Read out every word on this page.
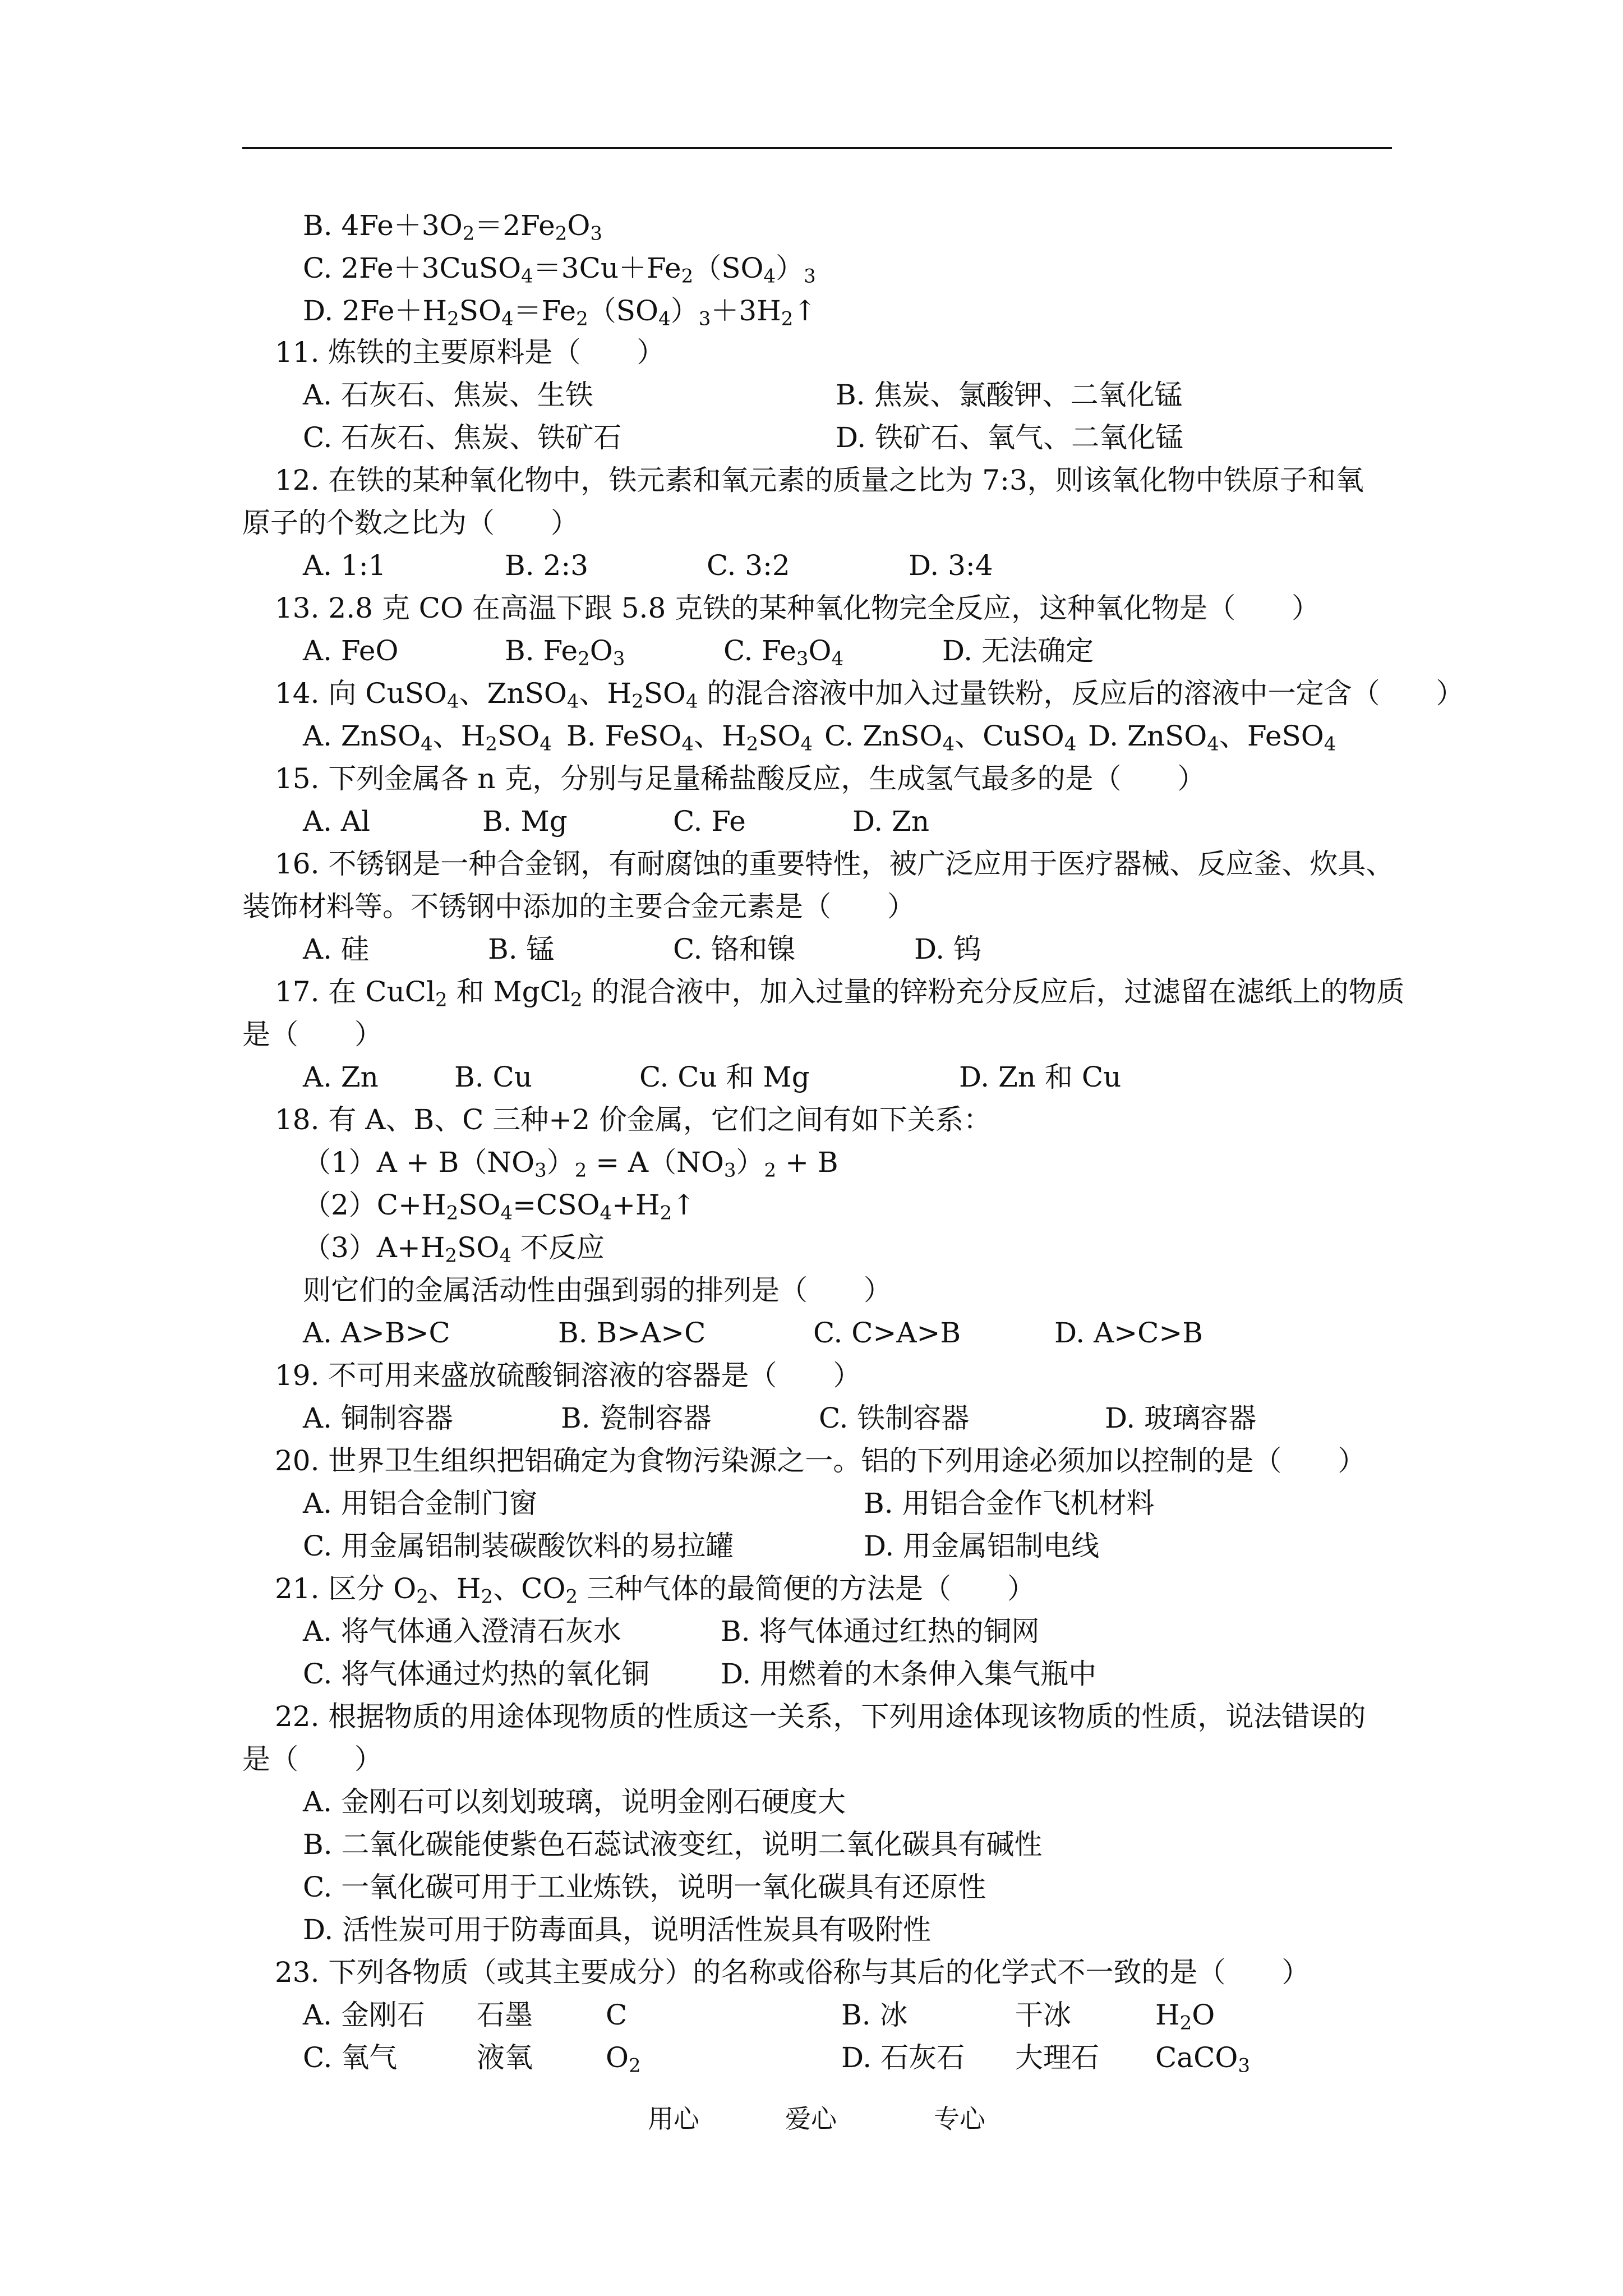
B. $4Fe+3O_2=2Fe_2O_3$
C. $2Fe+3CuSO_4=3Cu+Fe_2(SO_4)_3$
D. $2Fe+H_2SO_4=Fe_2(SO_4)_3+3H_2↑$
11. 炼铁的主要原料是（　　）
A. 石灰石、焦炭、生铁	B. 焦炭、氯酸钾、二氧化锰
C. 石灰石、焦炭、铁矿石	D. 铁矿石、氧气、二氧化锰
12. 在铁的某种氧化物中，铁元素和氧元素的质量之比为 7:3，则该氧化物中铁原子和氧
原子的个数之比为（　　）
A. 1:1	B. 2:3	C. 3:2	D. 3:4
13. 2.8 克 CO 在高温下跟 5.8 克铁的某种氧化物完全反应，这种氧化物是（　　）
A. FeO	B. $Fe_2O_3$	C. $Fe_3O_4$	D. 无法确定
14. 向 CuSO$_4$、ZnSO$_4$、$H_2SO_4$ 的混合溶液中加入过量铁粉，反应后的溶液中一定含（　　）
A. ZnSO$_4$、$H_2SO_4$ B. FeSO$_4$、$H_2SO_4$ C. ZnSO$_4$、CuSO$_4$ D. ZnSO$_4$、FeSO$_4$
15. 下列金属各 n 克，分别与足量稀盐酸反应，生成氢气最多的是（　　）
A. Al	B. Mg	C. Fe	D. Zn
16. 不锈钢是一种合金钢，有耐腐蚀的重要特性，被广泛应用于医疗器械、反应釜、炊具、
装饰材料等。不锈钢中添加的主要合金元素是（　　）
A. 硅	B. 锰	C. 铬和镍	D. 钨
17. 在 CuCl$_2$ 和 MgCl$_2$ 的混合液中，加入过量的锌粉充分反应后，过滤留在滤纸上的物质
是（　　）
A. Zn	B. Cu	C. Cu 和 Mg	D. Zn 和 Cu
18. 有 A、B、C 三种+2 价金属，它们之间有如下关系：
$(1)A + B(NO_3)_2 = A(NO_3)_2 + B$
$(2)C+H_2SO_4=CSO_4+H_2↑$
$(3)A+H_2SO_4$ 不反应
则它们的金属活动性由强到弱的排列是（　　）
A. A>B>C	B. B>A>C	C. C>A>B	D. A>C>B
19. 不可用来盛放硫酸铜溶液的容器是（　　）
A. 铜制容器	B. 瓷制容器	C. 铁制容器	D. 玻璃容器
20. 世界卫生组织把铝确定为食物污染源之一。铝的下列用途必须加以控制的是（　　）
A. 用铝合金制门窗	B. 用铝合金作飞机材料
C. 用金属铝制装碳酸饮料的易拉罐	D. 用金属铝制电线
21. 区分 $O_2$、$H_2$、$CO_2$ 三种气体的最简便的方法是（　　）
A. 将气体通入澄清石灰水	B. 将气体通过红热的铜网
C. 将气体通过灼热的氧化铜	D. 用燃着的木条伸入集气瓶中
22. 根据物质的用途体现物质的性质这一关系，下列用途体现该物质的性质，说法错误的
是（　　）
A. 金刚石可以刻划玻璃，说明金刚石硬度大
B. 二氧化碳能使紫色石蕊试液变红，说明二氧化碳具有碱性
C. 一氧化碳可用于工业炼铁，说明一氧化碳具有还原性
D. 活性炭可用于防毒面具，说明活性炭具有吸附性
23. 下列各物质（或其主要成分）的名称或俗称与其后的化学式不一致的是（　　）
A. 金刚石 石墨	C	B. 冰	干冰	$H_2O$
C. 氧气	液氧	$O_2$	D. 石灰石 大理石 CaCO$_3$
用心	爱心	专心
